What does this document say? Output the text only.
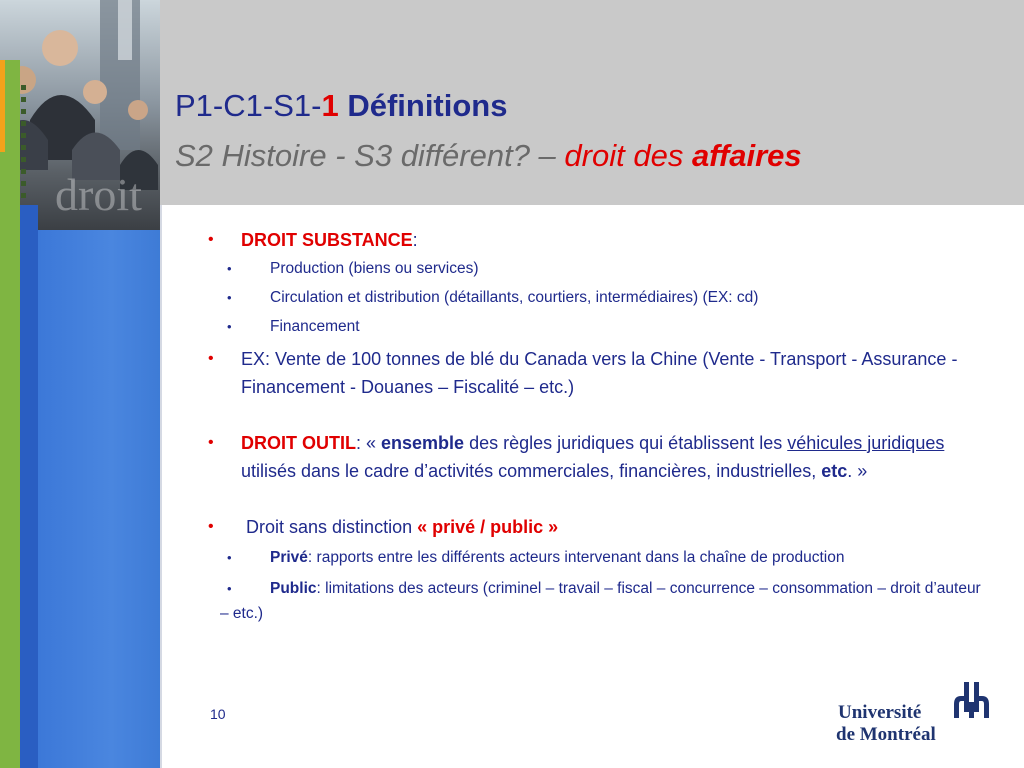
droit
P1-C1-S1-1 Définitions
S2 Histoire - S3 différent? – droit des affaires
• DROIT SUBSTANCE:
• Production (biens ou services)
• Circulation et distribution (détaillants, courtiers, intermédiaires) (EX: cd)
• Financement
• EX: Vente de 100 tonnes de blé du Canada vers la Chine (Vente - Transport - Assurance - Financement - Douanes – Fiscalité – etc.)
• DROIT OUTIL: « ensemble des règles juridiques qui établissent les véhicules juridiques utilisés dans le cadre d’activités commerciales, financières, industrielles, etc. »
• Droit sans distinction « privé / public »
• Privé: rapports entre les différents acteurs intervenant dans la chaîne de production
• Public: limitations des acteurs (criminel – travail – fiscal – concurrence – consommation – droit d’auteur – etc.)
10	Université
de Montréal
